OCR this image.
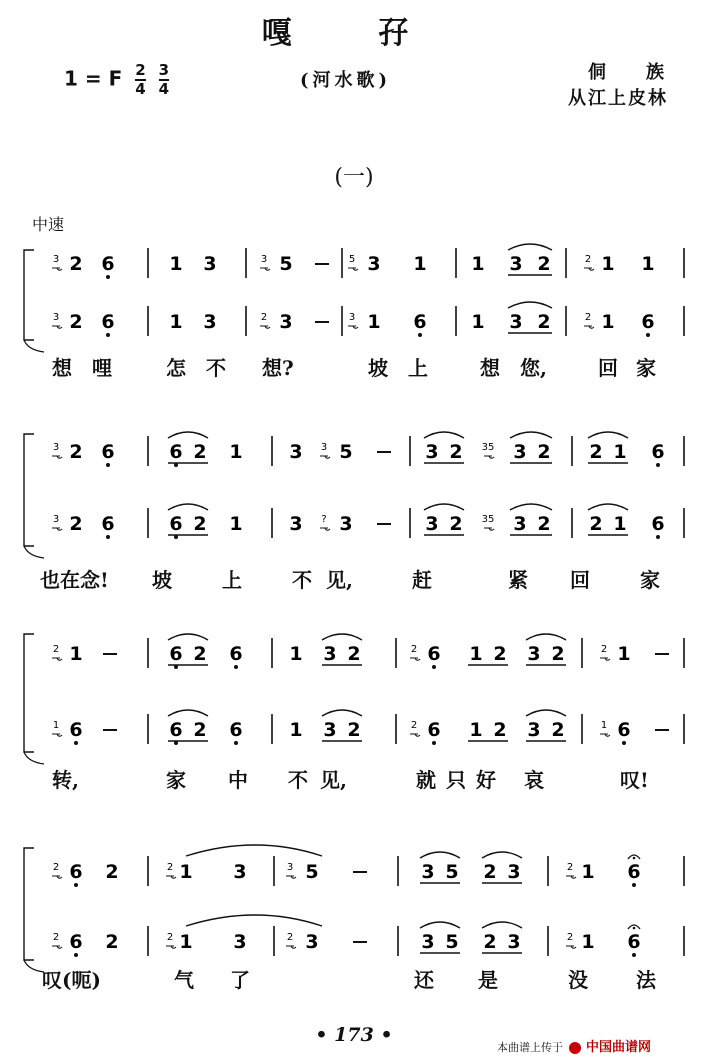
嘎 孖
1 = F $\frac{2}{4}$
$\frac{3}{4}$	(河水歌)	侗族
从江上皮林
(一)
中速
3 2 6	1 3	3 5	5 3 1 1 3 2	2 1 1
3 2 6	1 3	2 3	3 1 6 1 3 2	2 1 6
3 2 6	6 2 1 3 3 5	3 2 35 3 2 2 1 6
3 2 6	6 2 1 3 ? 3	3 2 35 3 2 2 1 6
2 1	6 2 6 1 3 2	2 6 1 2 3 2	2 1
1 6	6 2 6 1 3 2	2 6 1 2 3 2	1 6
2 6 2	2 1 3	3 5	3 5 2 3	2 1 6
2 6 2	2 1 3	2 3	3 5 2 3	2 1 6
想 哩	怎 不 想?	坡 上	想 您,	回 家
也在念! 坡	上	不 见,	赶	紧 回	家
转,	家 中 不 见,	就 只 好 哀	叹!
叹(呃)	气 了	还 是	没 法
• 173 •
本曲谱上传于 中国曲谱网
